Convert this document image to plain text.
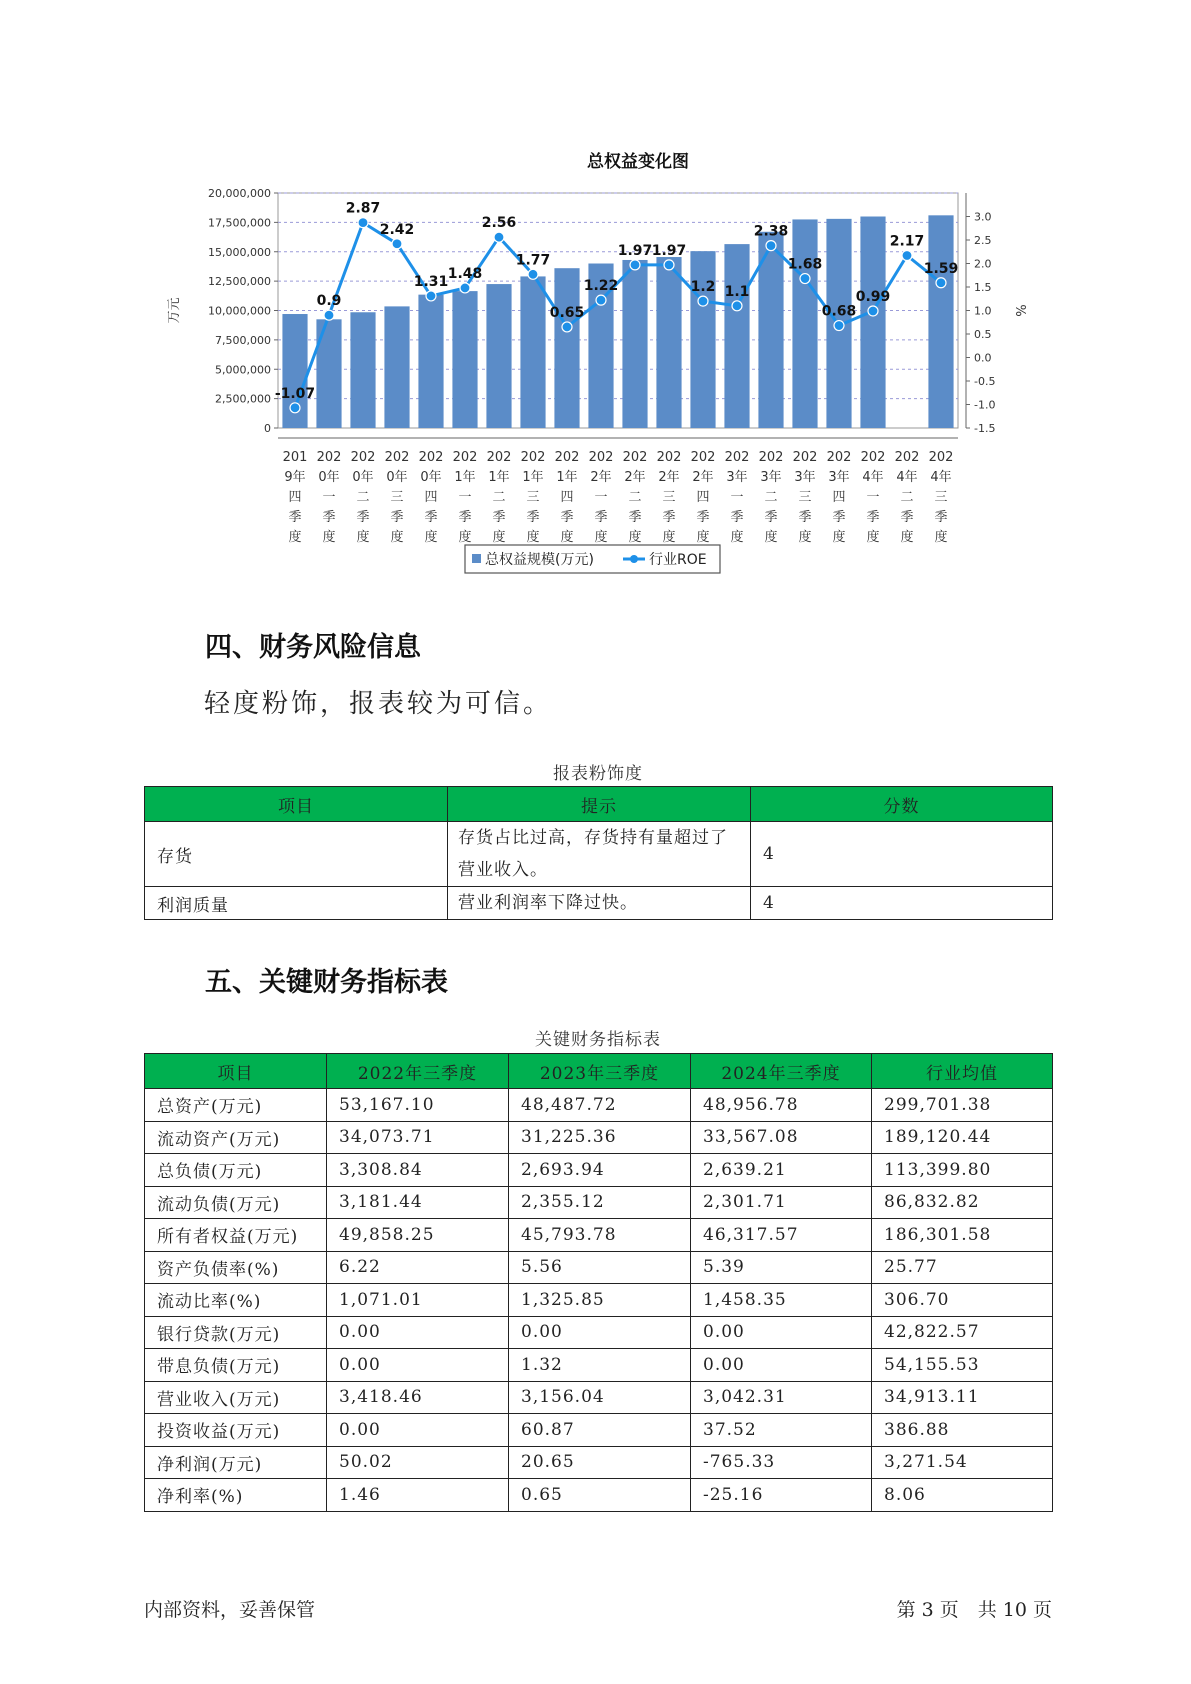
总权益变化图
0
2,500,000
5,000,000
7,500,000
10,000,000
12,500,000
15,000,000
17,500,000
20,000,000
万元
-1.5
-1.0
-0.5
0.0
0.5
1.0
1.5
2.0
2.5
3.0
%
-1.07
0.9
2.87
2.42
1.31 1.48
2.56
1.77
0.65
1.22
1.97 1.97
1.2 1.1
2.38
1.68
0.68
0.99
2.17
1.59
201
9年
四
季
度
202
0年
一
季
度
202
0年
二
季
度
202
0年
三
季
度
202
0年
四
季
度
202
1年
一
季
度
202
1年
二
季
度
202
1年
三
季
度
202
1年
四
季
度
202
2年
一
季
度
202
2年
二
季
度
202
2年
三
季
度
202
2年
四
季
度
202
3年
一
季
度
202
3年
二
季
度
202
3年
三
季
度
202
3年
四
季
度
202
4年
一
季
度
202
4年
二
季
度
202
4年
三
季
度
总权益规模(万元)	行业ROE
四、财务风险信息
轻度粉饰，报表较为可信。
报表粉饰度
项目	提示	分数
存货	存货占比过高，存货持有量超过了营业收入。	4
利润质量	营业利润率下降过快。	4
五、关键财务指标表
关键财务指标表
项目	2022年三季度	2023年三季度	2024年三季度	行业均值
总资产(万元)	53,167.10	48,487.72	48,956.78	299,701.38
流动资产(万元)	34,073.71	31,225.36	33,567.08	189,120.44
总负债(万元)	3,308.84	2,693.94	2,639.21	113,399.80
流动负债(万元)	3,181.44	2,355.12	2,301.71	86,832.82
所有者权益(万元)	49,858.25	45,793.78	46,317.57	186,301.58
资产负债率(%)	6.22	5.56	5.39	25.77
流动比率(%)	1,071.01	1,325.85	1,458.35	306.70
银行贷款(万元)	0.00	0.00	0.00	42,822.57
带息负债(万元)	0.00	1.32	0.00	54,155.53
营业收入(万元)	3,418.46	3,156.04	3,042.31	34,913.11
投资收益(万元)	0.00	60.87	37.52	386.88
净利润(万元)	50.02	20.65	-765.33	3,271.54
净利率(%)	1.46	0.65	-25.16	8.06
内部资料，妥善保管	第 3 页　共 10 页
